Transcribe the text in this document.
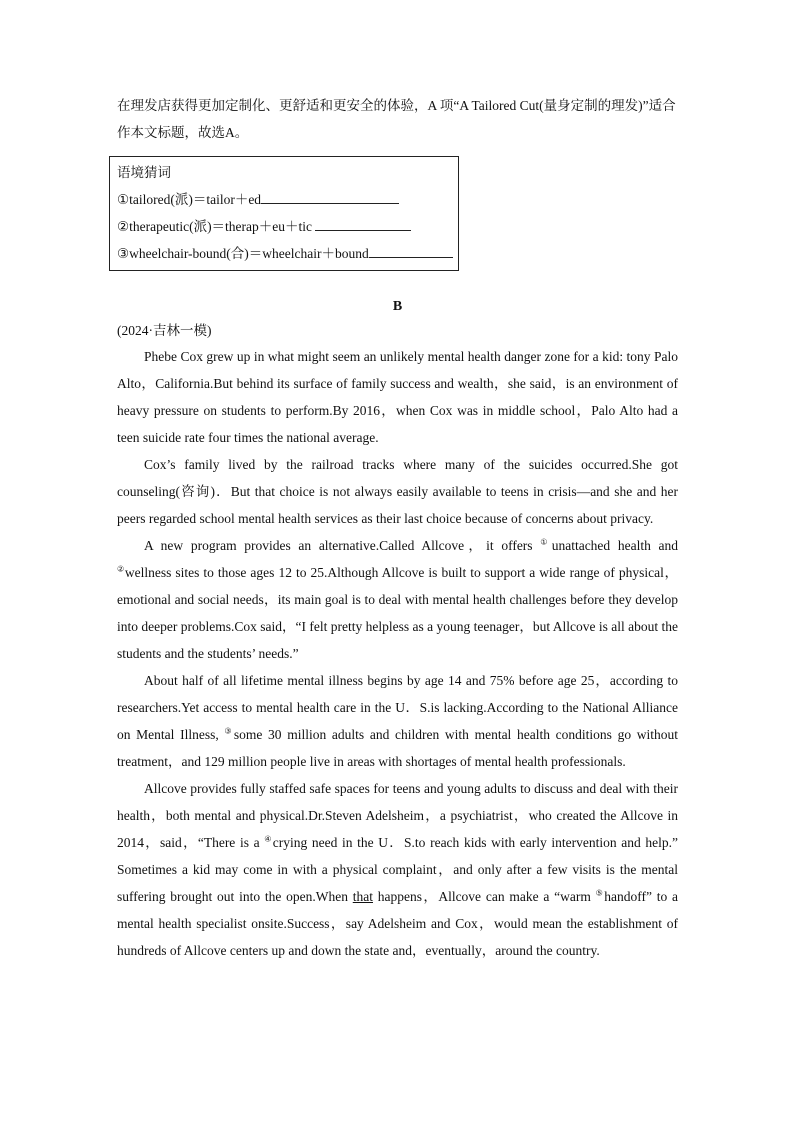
在理发店获得更加定制化、更舒适和更安全的体验，A 项“A Tailored Cut(量身定制的理发)”适合作本文标题，故选A。

语境猜词
①tailored(派)＝tailor＋ed
②therapeutic(派)＝therap＋eu＋tic
③wheelchair-bound(合)＝wheelchair＋bound
B
(2024·吉林一模)

Phebe Cox grew up in what might seem an unlikely mental health danger zone for a kid: tony Palo Alto，California.But behind its surface of family success and wealth，she said，is an environment of heavy pressure on students to perform.By 2016，when Cox was in middle school，Palo Alto had a teen suicide rate four times the national average.

Cox’s family lived by the railroad tracks where many of the suicides occurred.She got counseling(咨询)．But that choice is not always easily available to teens in crisis—and she and her peers regarded school mental health services as their last choice because of concerns about privacy.

A new program provides an alternative.Called Allcove，it offers ①unattached health and ②wellness sites to those ages 12 to 25.Although Allcove is built to support a wide range of physical，emotional and social needs，its main goal is to deal with mental health challenges before they develop into deeper problems.Cox said，“I felt pretty helpless as a young teenager，but Allcove is all about the students and the students’ needs.”

About half of all lifetime mental illness begins by age 14 and 75% before age 25，according to researchers.Yet access to mental health care in the U．S.is lacking.According to the National Alliance on Mental Illness, ③some 30 million adults and children with mental health conditions go without treatment，and 129 million people live in areas with shortages of mental health professionals.

Allcove provides fully staffed safe spaces for teens and young adults to discuss and deal with their health，both mental and physical.Dr.Steven Adelsheim，a psychiatrist，who created the Allcove in 2014，said，“There is a ④crying need in the U．S.to reach kids with early intervention and help.” Sometimes a kid may come in with a physical complaint，and only after a few visits is the mental suffering brought out into the open.When that happens，Allcove can make a “warm ⑤handoff” to a mental health specialist onsite.Success，say Adelsheim and Cox，would mean the establishment of hundreds of Allcove centers up and down the state and，eventually，around the country.
